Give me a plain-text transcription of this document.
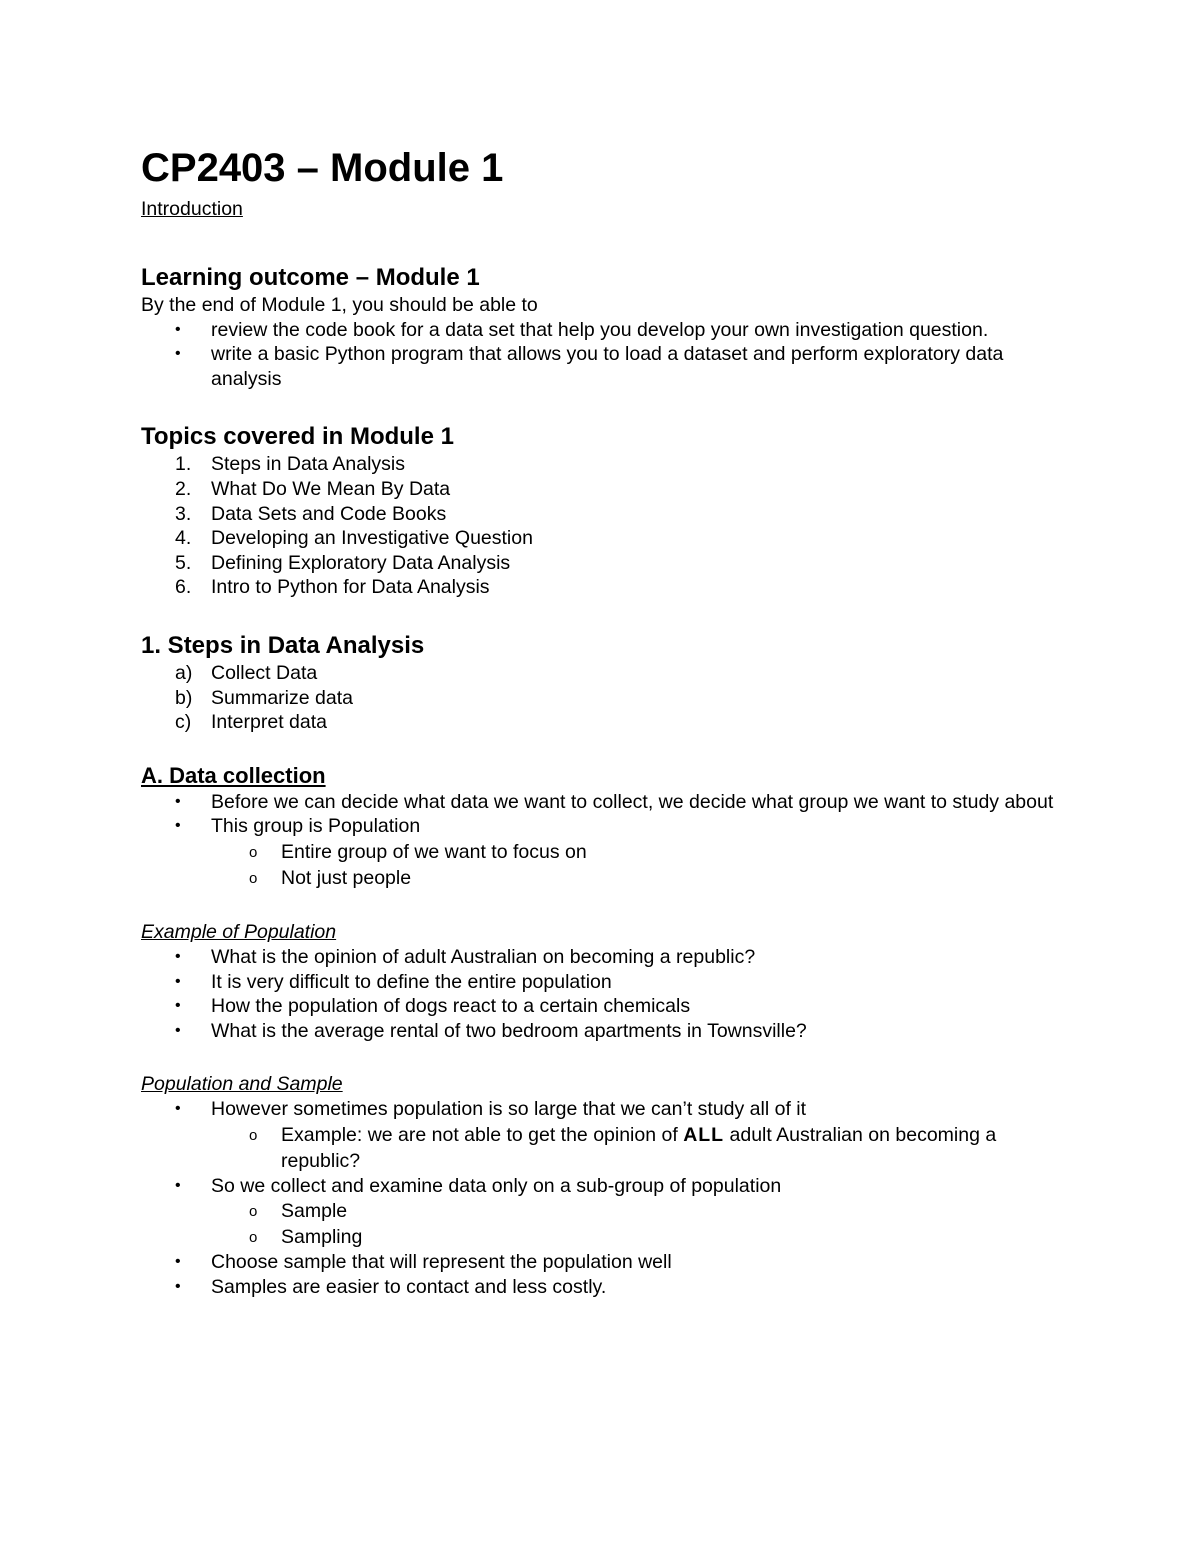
CP2403 – Module 1
Introduction
Learning outcome – Module 1

By the end of Module 1, you should be able to

• review the code book for a data set that help you develop your own investigation question.
• write a basic Python program that allows you to load a dataset and perform exploratory data analysis
Topics covered in Module 1
1. Steps in Data Analysis
2. What Do We Mean By Data
3. Data Sets and Code Books
4. Developing an Investigative Question
5. Defining Exploratory Data Analysis
6. Intro to Python for Data Analysis
1. Steps in Data Analysis
a) Collect Data
b) Summarize data
c) Interpret data
A. Data collection
• Before we can decide what data we want to collect, we decide what group we want to study about
• This group is Population
o Entire group of we want to focus on
o Not just people

Example of Population

• What is the opinion of adult Australian on becoming a republic?
• It is very difficult to define the entire population
• How the population of dogs react to a certain chemicals
• What is the average rental of two bedroom apartments in Townsville?

Population and Sample

• However sometimes population is so large that we can’t study all of it
o Example: we are not able to get the opinion of ALL adult Australian on becoming a republic?
• So we collect and examine data only on a sub-group of population
o Sample
o Sampling
• Choose sample that will represent the population well
• Samples are easier to contact and less costly.
